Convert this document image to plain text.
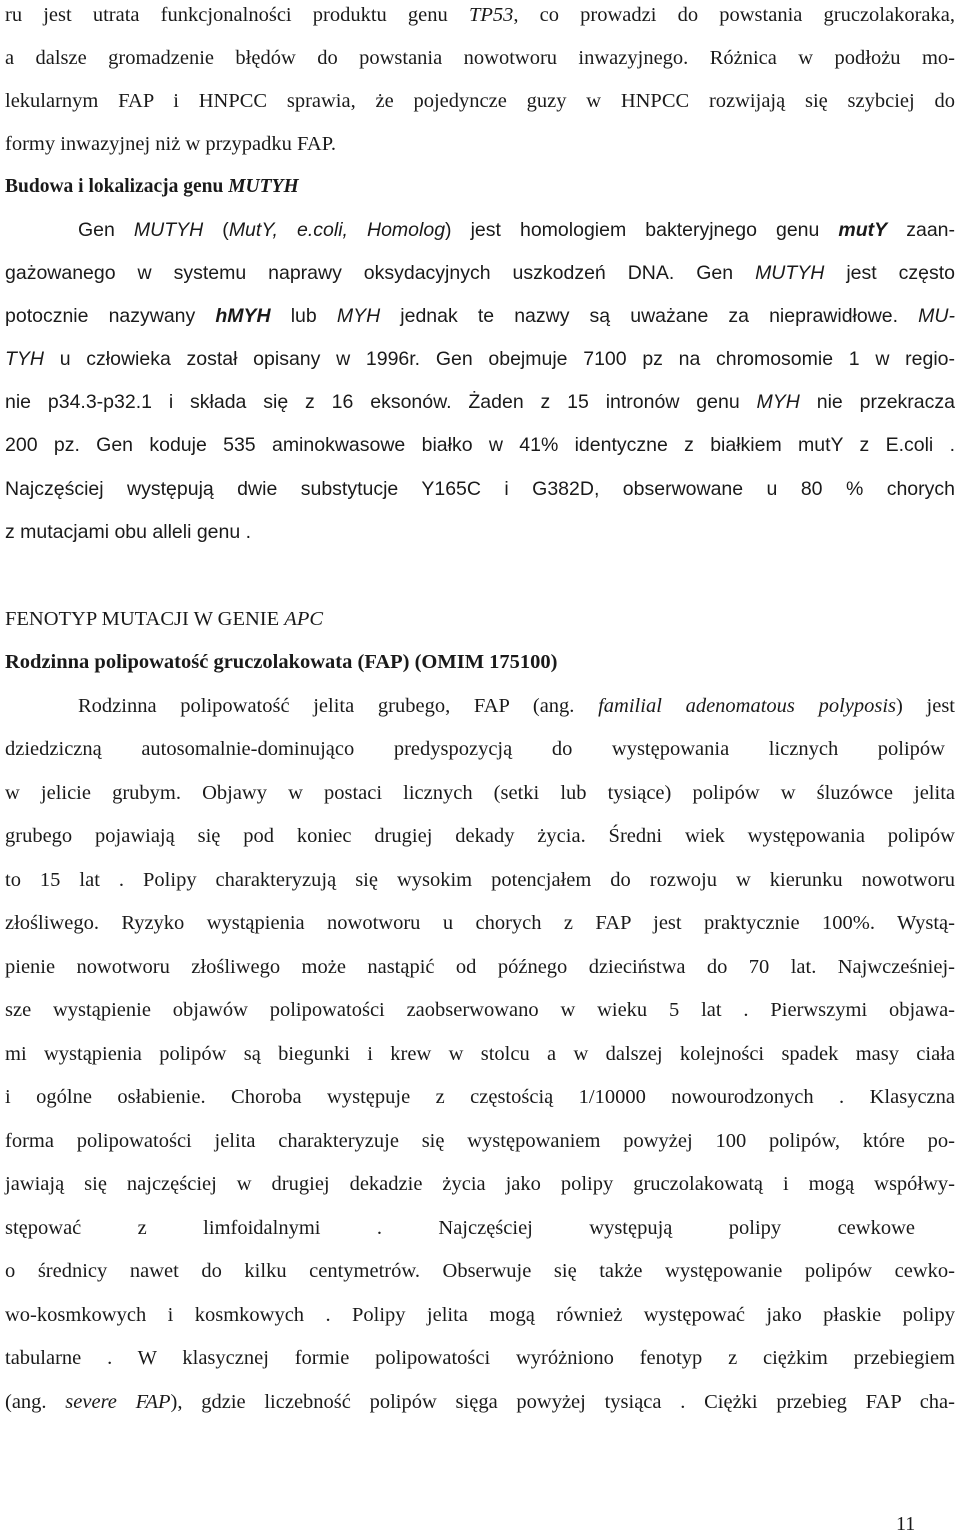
ru jest utrata funkcjonalności produktu genu TP53, co prowadzi do powstania gruczolakoraka,
a dalsze gromadzenie błędów do powstania nowotworu inwazyjnego. Różnica w podłożu mo-
lekularnym FAP i HNPCC sprawia, że pojedyncze guzy w HNPCC rozwijają się szybciej do
formy inwazyjnej niż w przypadku FAP.
Budowa i lokalizacja genu MUTYH
Gen MUTYH (MutY, e.coli, Homolog) jest homologiem bakteryjnego genu mutY zaan-
gażowanego w systemu naprawy oksydacyjnych uszkodzeń DNA. Gen MUTYH jest często
potocznie nazywany hMYH lub MYH jednak te nazwy są uważane za nieprawidłowe. MU-
TYH u człowieka został opisany w 1996r. Gen obejmuje 7100 pz na chromosomie 1 w regio-
nie p34.3-p32.1 i składa się z 16 eksonów. Żaden z 15 intronów genu MYH nie przekracza
200 pz. Gen koduje 535 aminokwasowe białko w 41% identyczne z białkiem mutY z E.coli .
Najczęściej występują dwie substytucje Y165C i G382D, obserwowane u 80 % chorych
z mutacjami obu alleli genu .
FENOTYP MUTACJI W GENIE APC
Rodzinna polipowatość gruczolakowata (FAP) (OMIM 175100)
Rodzinna polipowatość jelita grubego, FAP (ang. familial adenomatous polyposis) jest
dziedziczną autosomalnie-dominująco predyspozycją do występowania licznych polipów
w jelicie grubym. Objawy w postaci licznych (setki lub tysiące) polipów w śluzówce jelita
grubego pojawiają się pod koniec drugiej dekady życia. Średni wiek występowania polipów
to 15 lat . Polipy charakteryzują się wysokim potencjałem do rozwoju w kierunku nowotworu
złośliwego. Ryzyko wystąpienia nowotworu u chorych z FAP jest praktycznie 100%. Wystą-
pienie nowotworu złośliwego może nastąpić od późnego dzieciństwa do 70 lat. Najwcześniej-
sze wystąpienie objawów polipowatości zaobserwowano w wieku 5 lat . Pierwszymi objawa-
mi wystąpienia polipów są biegunki i krew w stolcu a w dalszej kolejności spadek masy ciała
i ogólne osłabienie. Choroba występuje z częstością 1/10000 nowourodzonych . Klasyczna
forma polipowatości jelita charakteryzuje się występowaniem powyżej 100 polipów, które po-
jawiają się najczęściej w drugiej dekadzie życia jako polipy gruczolakowatą i mogą współwy-
stępować z limfoidalnymi . Najczęściej występują polipy cewkowe
o średnicy nawet do kilku centymetrów. Obserwuje się także występowanie polipów cewko-
wo-kosmkowych i kosmkowych . Polipy jelita mogą również występować jako płaskie polipy
tabularne . W klasycznej formie polipowatości wyróżniono fenotyp z ciężkim przebiegiem
(ang. severe FAP), gdzie liczebność polipów sięga powyżej tysiąca . Ciężki przebieg FAP cha-
11
